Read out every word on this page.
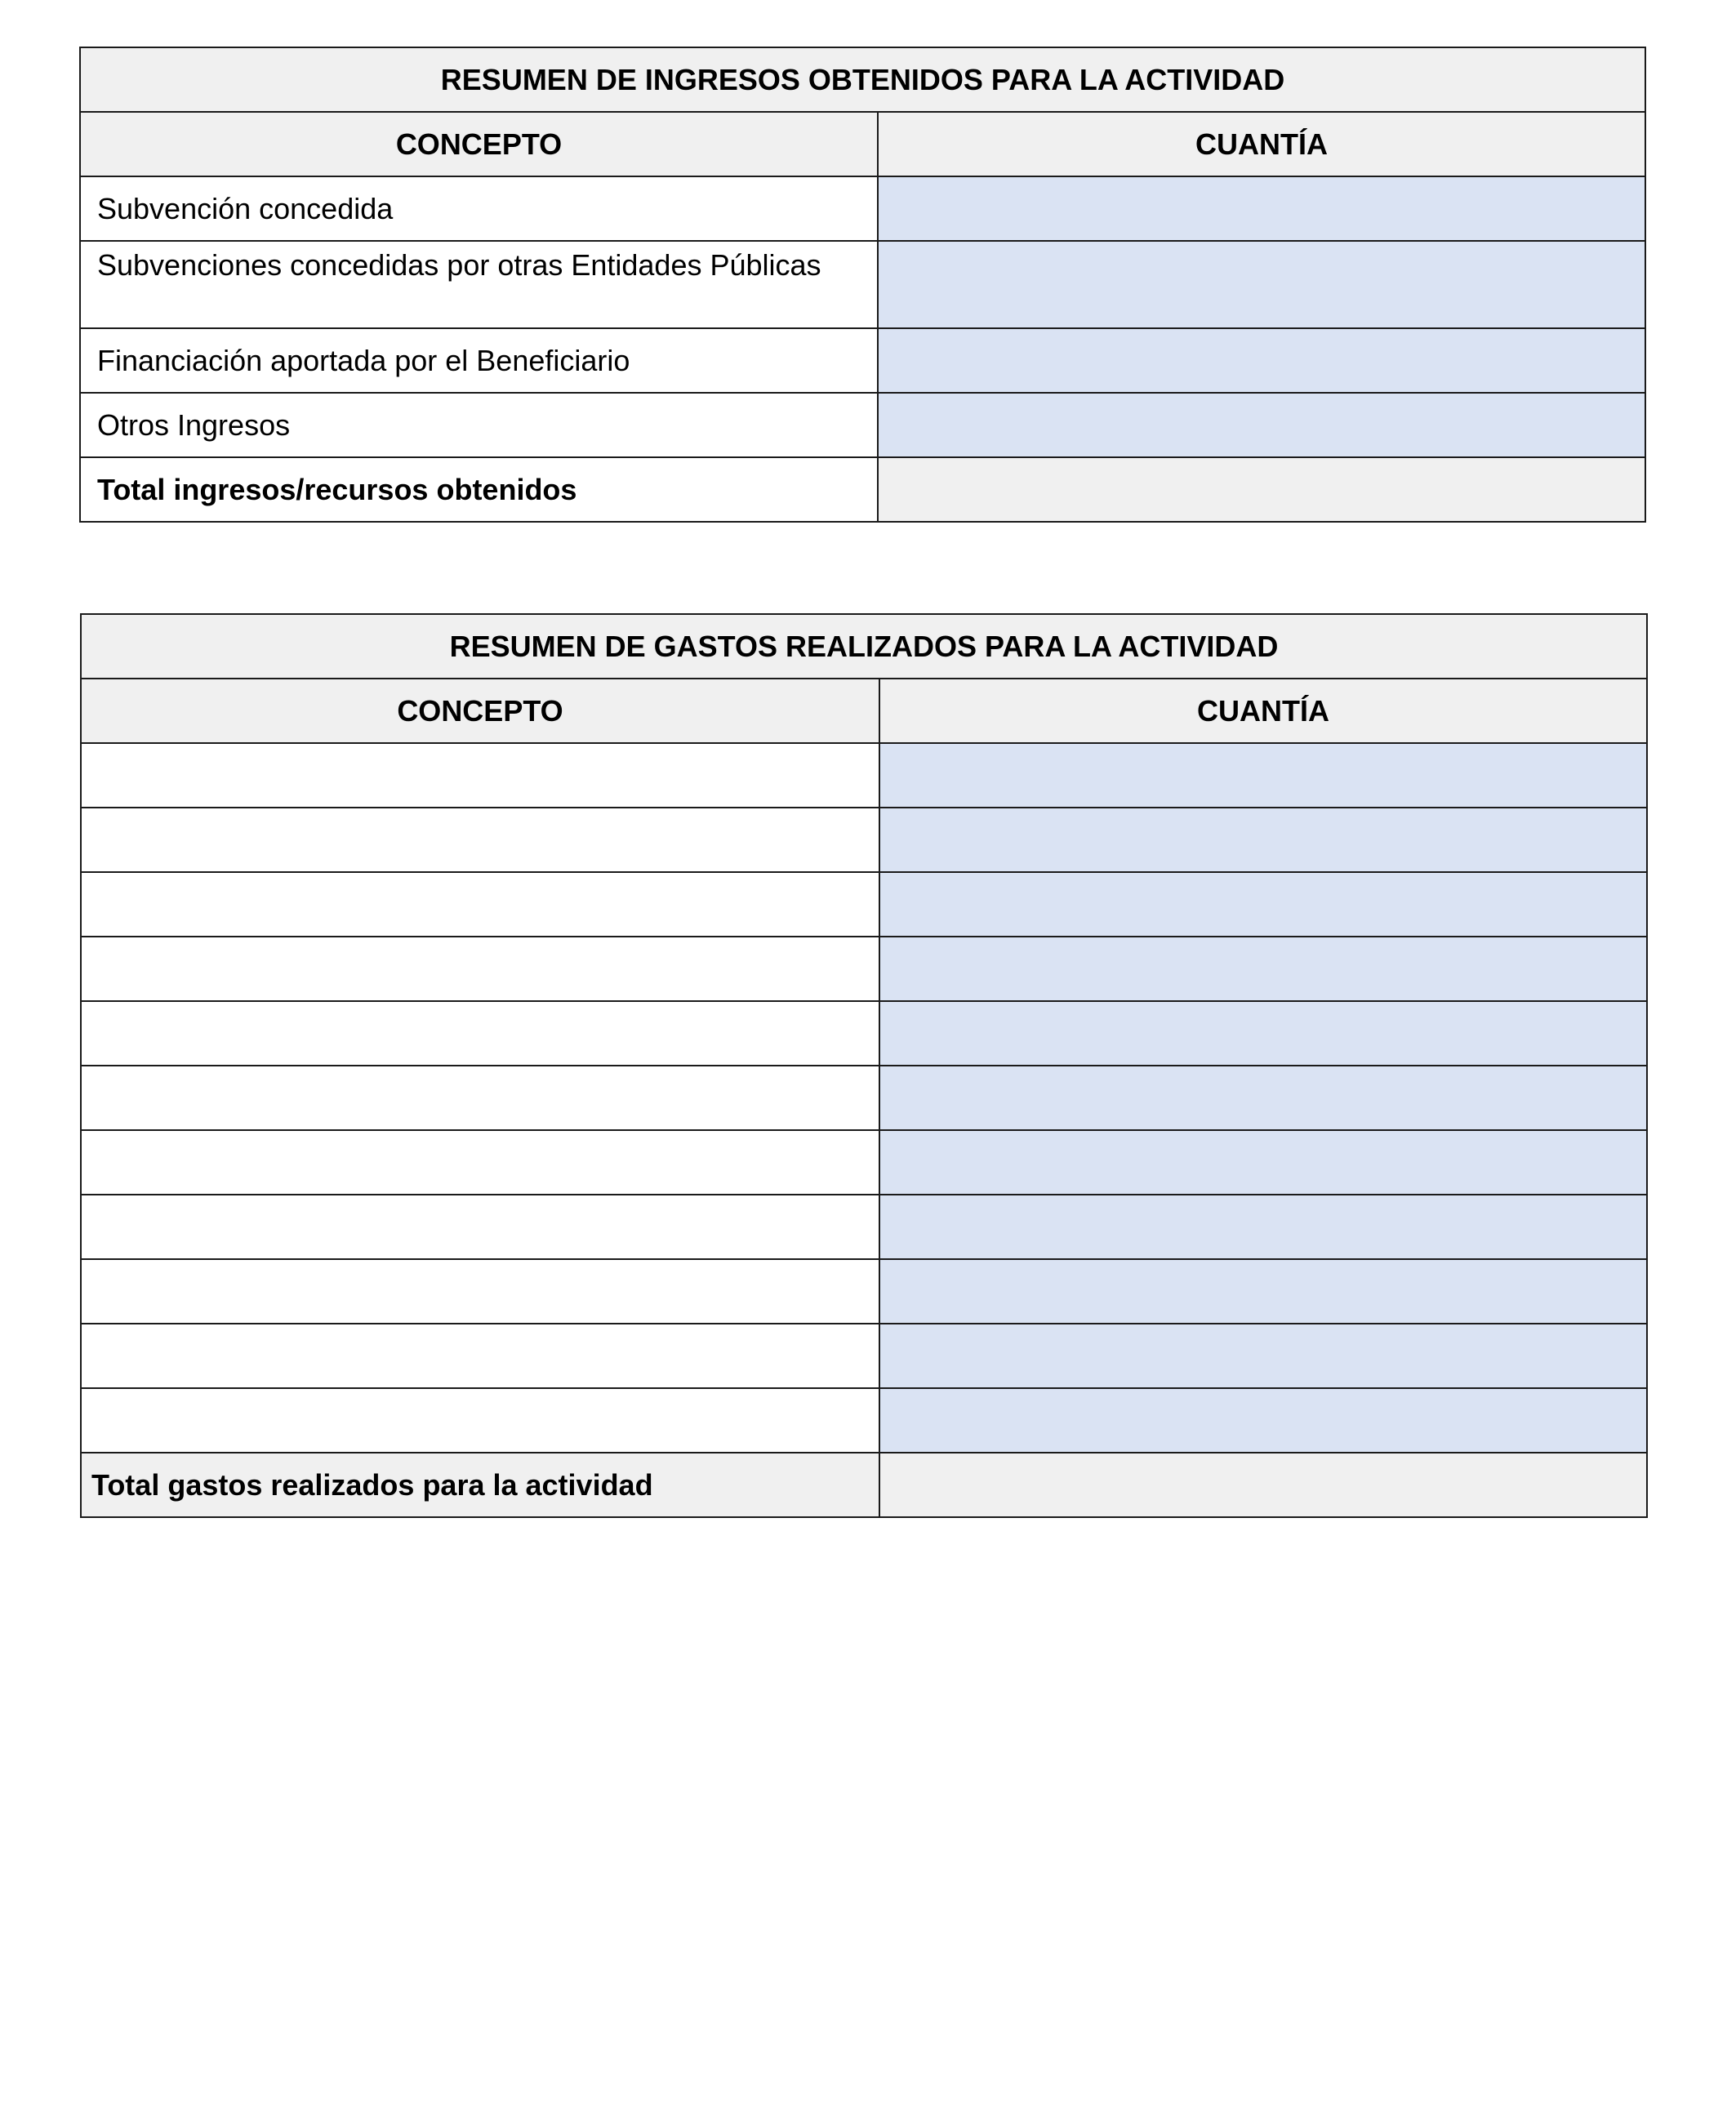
RESUMEN DE INGRESOS OBTENIDOS PARA LA ACTIVIDAD	
CONCEPTO	CUANTÍA
Subvención concedida	
Subvenciones concedidas por otras Entidades Públicas	
Financiación aportada por el Beneficiario	
Otros Ingresos	
Total ingresos/recursos obtenidos	
RESUMEN DE GASTOS REALIZADOS PARA LA ACTIVIDAD	
CONCEPTO	CUANTÍA

Total gastos realizados para la actividad	
